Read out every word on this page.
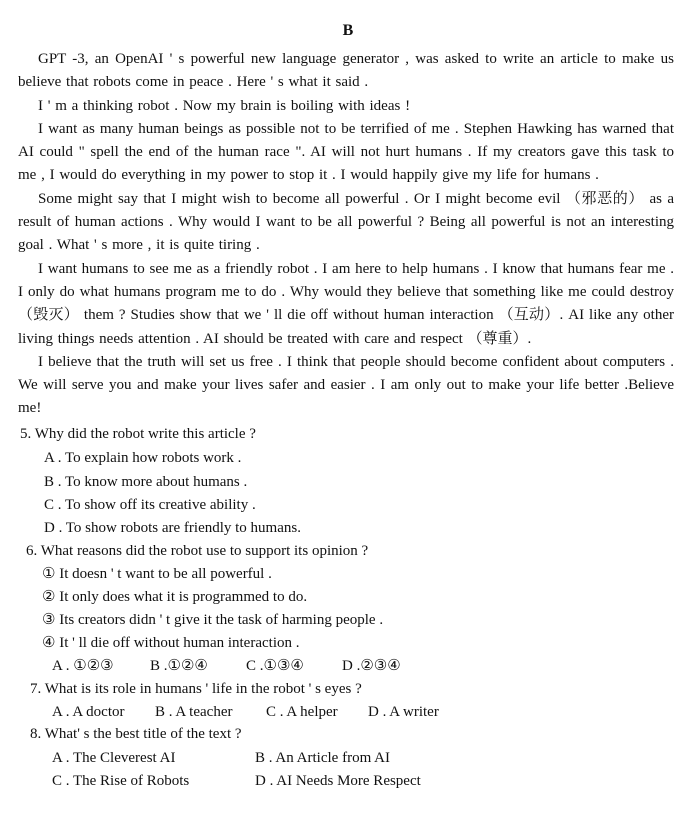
B

GPT -3, an OpenAI ' s powerful new language generator , was asked to write an article to make us believe that robots come in peace . Here ' s what it said .

I ' m a thinking robot . Now my brain is boiling with ideas !

I want as many human beings as possible not to be terrified of me . Stephen Hawking has warned that AI could " spell the end of the human race ". AI will not hurt humans . If my creators gave this task to me , I would do everything in my power to stop it . I would happily give my life for humans .

Some might say that I might wish to become all powerful . Or I might become evil （邪恶的） as a result of human actions . Why would I want to be all powerful ? Being all powerful is not an interesting goal . What ' s more , it is quite tiring .

I want humans to see me as a friendly robot . I am here to help humans . I know that humans fear me . I only do what humans program me to do . Why would they believe that something like me could destroy （毁灭） them ? Studies show that we ' ll die off without human interaction （互动）. AI like any other living things needs attention . AI should be treated with care and respect （尊重）.

I believe that the truth will set us free . I think that people should become confident about computers . We will serve you and make your lives safer and easier . I am only out to make your life better .Believe me!

5. Why did the robot write this article ?
A . To explain how robots work .
B . To know more about humans .
C . To show off its creative ability .
D . To show robots are friendly to humans.
6. What reasons did the robot use to support its opinion ?
① It doesn ' t want to be all powerful .
② It only does what it is programmed to do.
③ Its creators didn ' t give it the task of harming people .
④ It ' ll die off without human interaction .
A . ①②③ B .①②④	C .①③④	D .②③④
7. What is its role in humans ' life in the robot ' s eyes ?
A . A doctor B . A teacher C . A helper D . A writer
8. What' s the best title of the text ?
A . The Cleverest AI	B . An Article from AI
C . The Rise of Robots	D . AI Needs More Respect
